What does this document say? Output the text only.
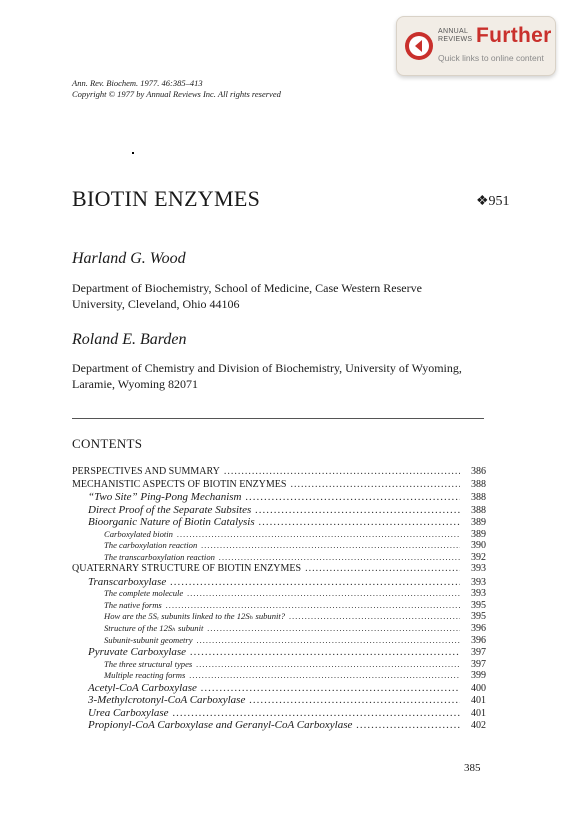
ANNUAL
REVIEWS Further
Quick links to online content
Ann. Rev. Biochem. 1977. 46:385–413
Copyright © 1977 by Annual Reviews Inc. All rights reserved
BIOTIN ENZYMES	❖951
Harland G. Wood
Department of Biochemistry, School of Medicine, Case Western Reserve University, Cleveland, Ohio 44106
Roland E. Barden
Department of Chemistry and Division of Biochemistry, University of Wyoming, Laramie, Wyoming 82071
CONTENTS
PERSPECTIVES AND SUMMARY .....	386
MECHANISTIC ASPECTS OF BIOTIN ENZYMES .....	388
“Two Site” Ping-Pong Mechanism .....	388
Direct Proof of the Separate Subsites .....	388
Bioorganic Nature of Biotin Catalysis .....	389
Carboxylated biotin .....	389
The carboxylation reaction .....	390
The transcarboxylation reaction .....	392
QUATERNARY STRUCTURE OF BIOTIN ENZYMES .....	393
Transcarboxylase .....	393
The complete molecule .....	393
The native forms .....	395
How are the 5Sₑ subunits linked to the 12Sₕ subunit? .....	395
Structure of the 12Sₕ subunit .....	396
Subunit-subunit geometry .....	396
Pyruvate Carboxylase .....	397
The three structural types .....	397
Multiple reacting forms .....	399
Acetyl-CoA Carboxylase .....	400
3-Methylcrotonyl-CoA Carboxylase .....	401
Urea Carboxylase .....	401
Propionyl-CoA Carboxylase and Geranyl-CoA Carboxylase .....	402
385
